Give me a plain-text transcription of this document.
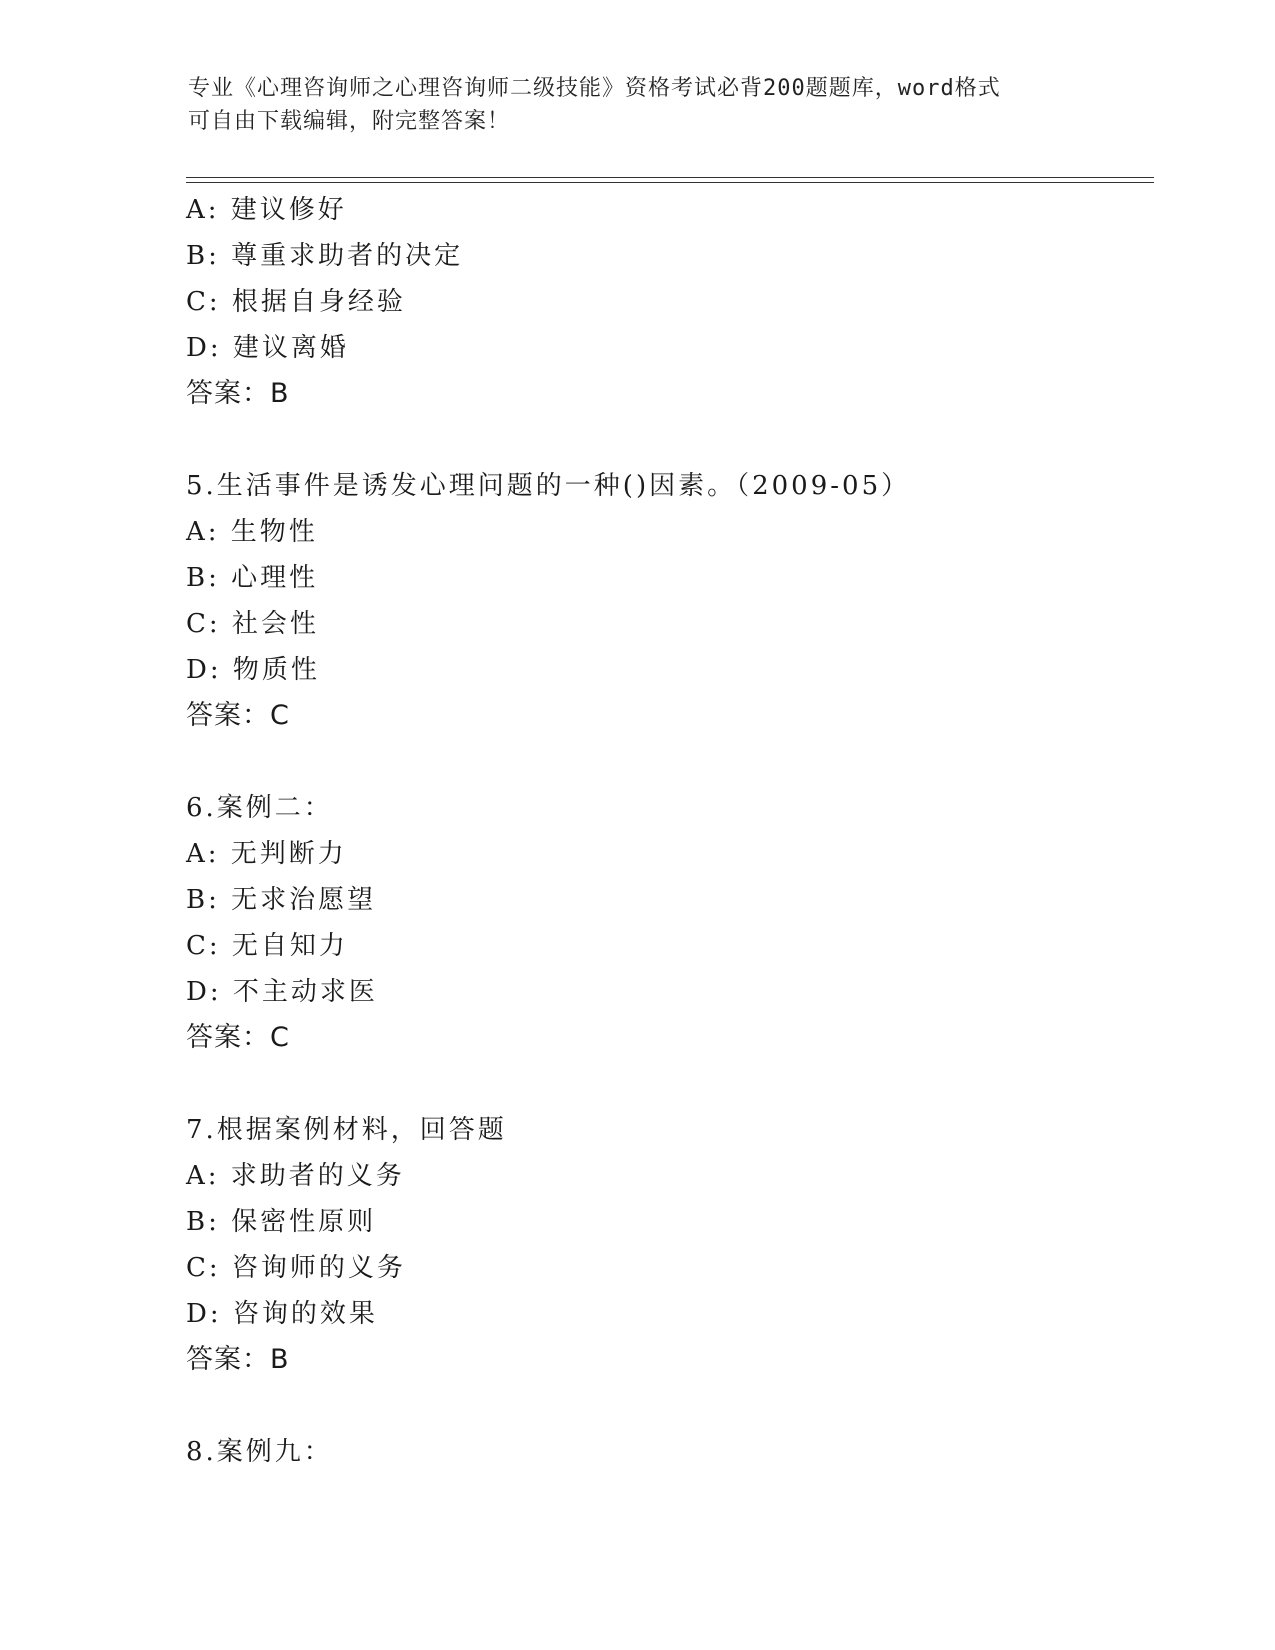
专业《心理咨询师之心理咨询师二级技能》资格考试必背200题题库，word格式
可自由下载编辑，附完整答案！
A: 建议修好
B: 尊重求助者的决定
C: 根据自身经验
D: 建议离婚
答案：B
5.生活事件是诱发心理问题的一种()因素。（2009-05）
A: 生物性
B: 心理性
C: 社会性
D: 物质性
答案：C
6.案例二：
A: 无判断力
B: 无求治愿望
C: 无自知力
D: 不主动求医
答案：C
7.根据案例材料，回答题
A: 求助者的义务
B: 保密性原则
C: 咨询师的义务
D: 咨询的效果
答案：B
8.案例九：
